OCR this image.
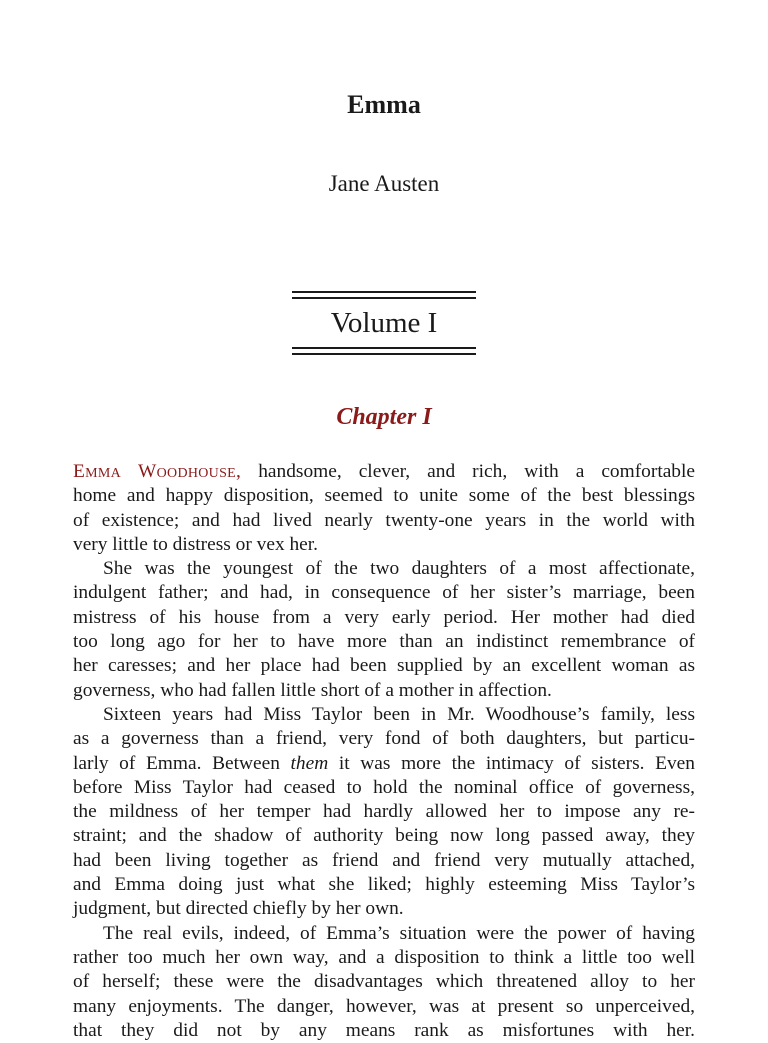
Emma
Jane Austen
Volume I
Chapter I
Emma Woodhouse, handsome, clever, and rich, with a comfortable
home and happy disposition, seemed to unite some of the best blessings
of existence; and had lived nearly twenty-one years in the world with
very little to distress or vex her.
She was the youngest of the two daughters of a most affectionate,
indulgent father; and had, in consequence of her sister’s marriage, been
mistress of his house from a very early period. Her mother had died
too long ago for her to have more than an indistinct remembrance of
her caresses; and her place had been supplied by an excellent woman as
governess, who had fallen little short of a mother in affection.
Sixteen years had Miss Taylor been in Mr. Woodhouse’s family, less
as a governess than a friend, very fond of both daughters, but particu-
larly of Emma. Between them it was more the intimacy of sisters. Even
before Miss Taylor had ceased to hold the nominal office of governess,
the mildness of her temper had hardly allowed her to impose any re-
straint; and the shadow of authority being now long passed away, they
had been living together as friend and friend very mutually attached,
and Emma doing just what she liked; highly esteeming Miss Taylor’s
judgment, but directed chiefly by her own.
The real evils, indeed, of Emma’s situation were the power of having
rather too much her own way, and a disposition to think a little too well
of herself; these were the disadvantages which threatened alloy to her
many enjoyments. The danger, however, was at present so unperceived,
that they did not by any means rank as misfortunes with her.
